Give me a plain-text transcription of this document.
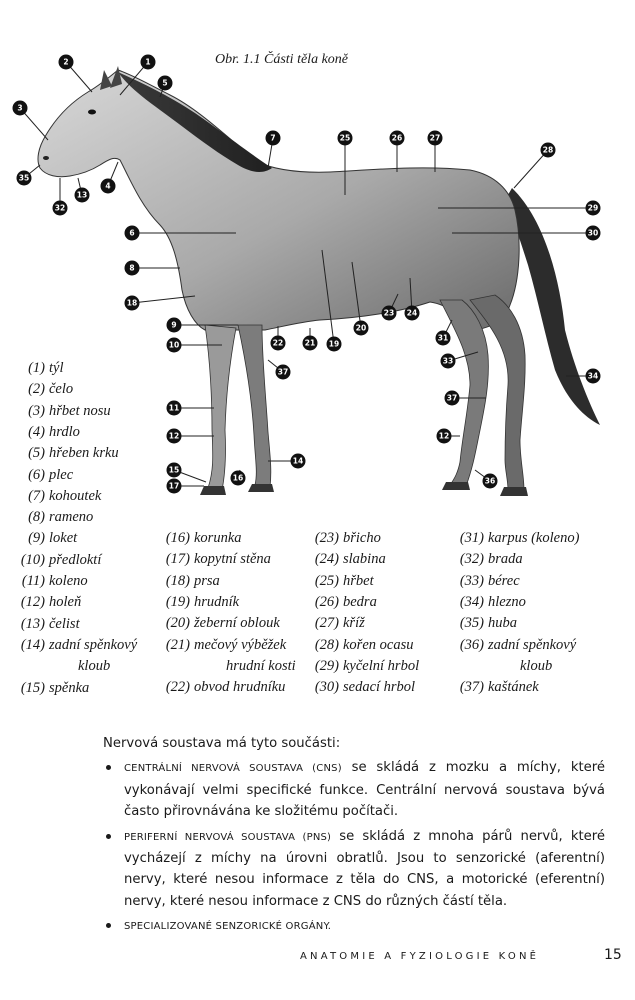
Obr. 1.1 Části těla koně
1
2
3
4
5
6
7
8
9
10
11
12	12
13
14
15
16
17
18
19
20
21
22
23 24
25	26	27
28
29
30
31
32
33
34
35
36
37
37
(1) týl
(2) čelo
(3) hřbet nosu
(4) hrdlo
(5) hřeben krku
(6) plec
(7) kohoutek
(8) rameno
(9) loket
(10) předloktí
(11) koleno
(12) holeň
(13) čelist
(14) zadní spěnkový
kloub
(15) spěnka
(16) korunka
(17) kopytní stěna
(18) prsa
(19) hrudník
(20) žeberní oblouk
(21) mečový výběžek
hrudní kosti
(22) obvod hrudníku
(23) břicho
(24) slabina
(25) hřbet
(26) bedra
(27) kříž
(28) kořen ocasu
(29) kyčelní hrbol
(30) sedací hrbol
(31) karpus (koleno)
(32) brada
(33) bérec
(34) hlezno
(35) huba
(36) zadní spěnkový
kloub
(37) kaštánek

Nervová soustava má tyto součásti:

CENTRÁLNÍ NERVOVÁ SOUSTAVA (CNS) se skládá z mozku a míchy, které vykonávají velmi specifické funkce. Centrální nervová soustava bývá často přirovnávána ke složitému počítači.
PERIFERNÍ NERVOVÁ SOUSTAVA (PNS) se skládá z mnoha párů nervů, které vycházejí z míchy na úrovni obratlů. Jsou to senzorické (aferentní) nervy, které nesou informace z těla do CNS, a motorické (eferentní) nervy, které nesou informace z CNS do různých částí těla.
SPECIALIZOVANÉ SENZORICKÉ ORGÁNY.
ANATOMIE A FYZIOLOGIE KONĚ	15
